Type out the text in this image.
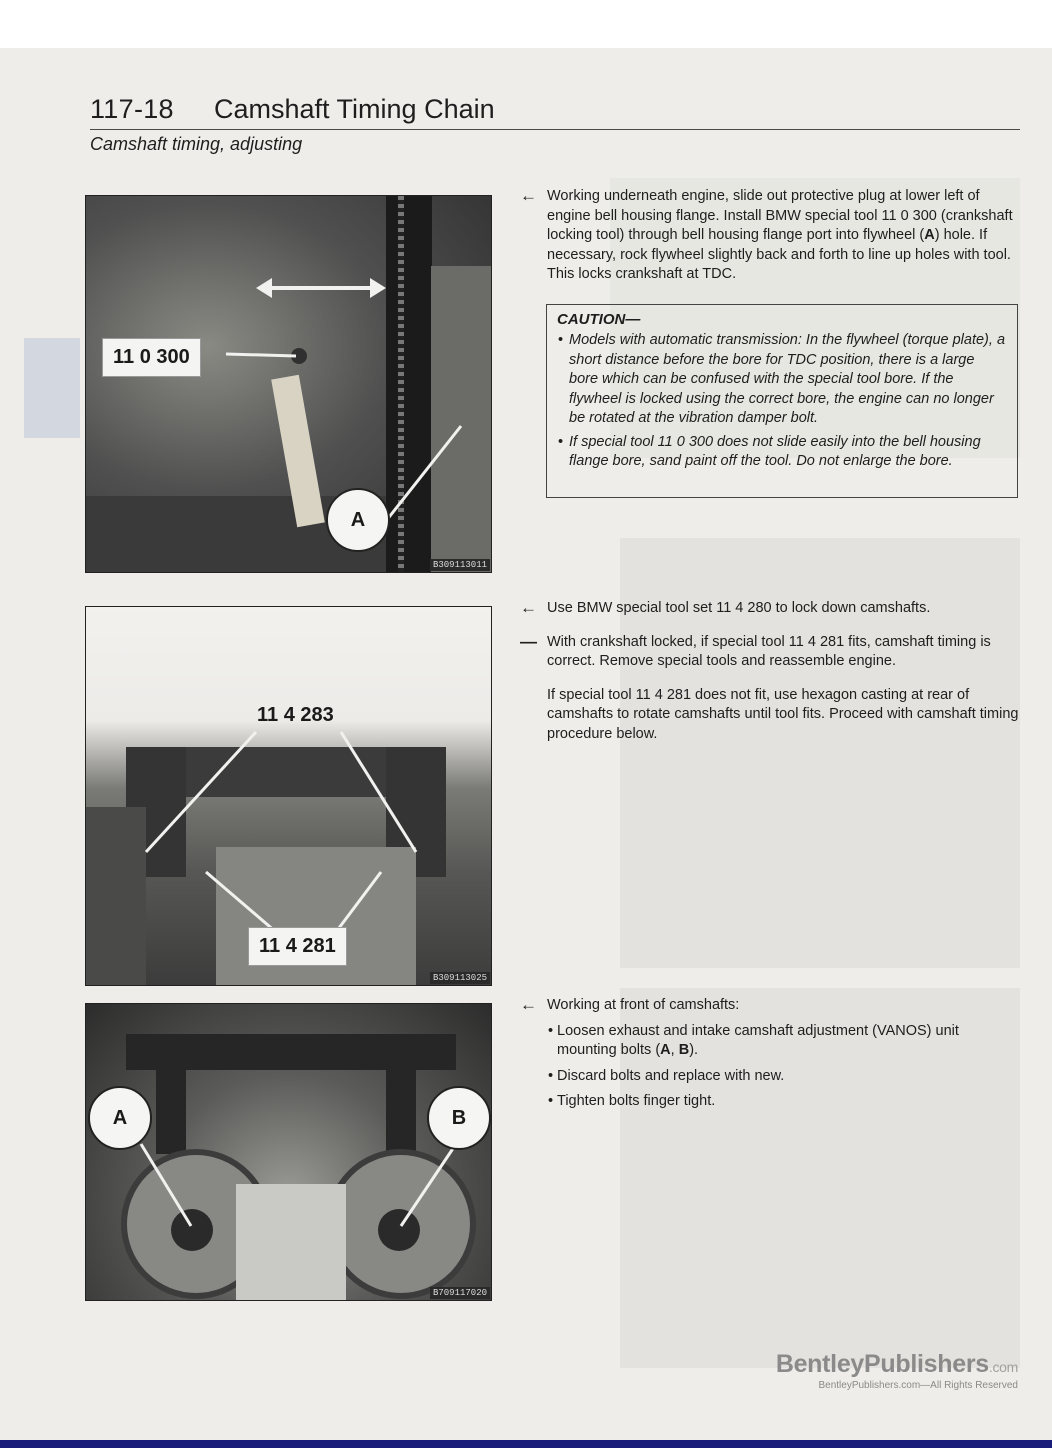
117-18 Camshaft Timing Chain
Camshaft timing, adjusting
11 0 300
A
B309113011
11 4 283
11 4 281
B309113025
A	B
B709117020
← Working underneath engine, slide out protective plug at lower left of engine bell housing flange. Install BMW special tool 11 0 300 (crankshaft locking tool) through bell housing flange port into flywheel (A) hole. If necessary, rock flywheel slightly back and forth to line up holes with tool. This locks crankshaft at TDC.
CAUTION—
• Models with automatic transmission: In the flywheel (torque plate), a short distance before the bore for TDC position, there is a large bore which can be confused with the special tool bore. If the flywheel is locked using the correct bore, the engine can no longer be rotated at the vibration damper bolt.
• If special tool 11 0 300 does not slide easily into the bell housing flange bore, sand paint off the tool. Do not enlarge the bore.
← Use BMW special tool set 11 4 280 to lock down camshafts.
— With crankshaft locked, if special tool 11 4 281 fits, camshaft timing is correct. Remove special tools and reassemble engine.
If special tool 11 4 281 does not fit, use hexagon casting at rear of camshafts to rotate camshafts until tool fits. Proceed with camshaft timing procedure below.
← Working at front of camshafts:
• Loosen exhaust and intake camshaft adjustment (VANOS) unit mounting bolts (A, B).
• Discard bolts and replace with new.
• Tighten bolts finger tight.
BentleyPublishers.com
BentleyPublishers.com—All Rights Reserved
